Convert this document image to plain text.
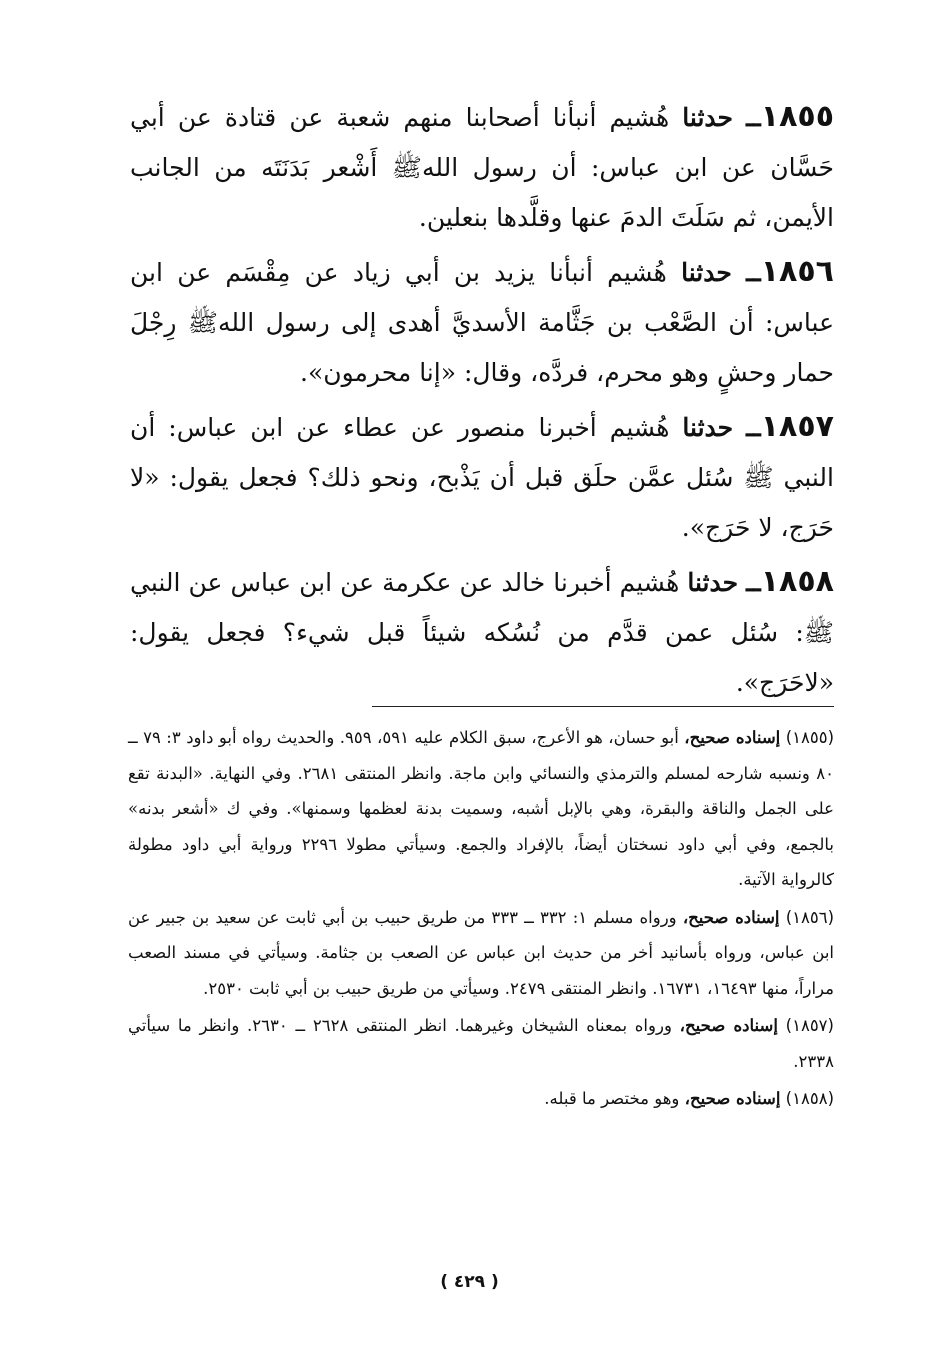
١٨٥٥ــ حدثنا هُشيم أنبأنا أصحابنا منهم شعبة عن قتادة عن أبي حَسَّان عن ابن عباس: أن رسول اللهﷺ أَشْعر بَدَنَتَه من الجانب الأيمن، ثم سَلَتَ الدمَ عنها وقلَّدها بنعلين.

١٨٥٦ــ حدثنا هُشيم أنبأنا يزيد بن أبي زياد عن مِقْسَم عن ابن عباس: أن الصَّعْب بن جَثَّامة الأسديَّ أهدى إلى رسول اللهﷺ رِجْلَ حمار وحشٍ وهو محرم، فردَّه، وقال: «إنا محرمون».

١٨٥٧ــ حدثنا هُشيم أخبرنا منصور عن عطاء عن ابن عباس: أن النبي ﷺ سُئل عمَّن حلَق قبل أن يَذْبح، ونحو ذلك؟ فجعل يقول: «لا حَرَج، لا حَرَج».

١٨٥٨ــ حدثنا هُشيم أخبرنا خالد عن عكرمة عن ابن عباس عن النبي ﷺ: سُئل عمن قدَّم من نُسُكه شيئاً قبل شيء؟ فجعل يقول: «لاحَرَج».

(١٨٥٥) إسناده صحيح، أبو حسان، هو الأعرج، سبق الكلام عليه ٥٩١، ٩٥٩. والحديث رواه أبو داود ٣: ٧٩ ــ ٨٠ ونسبه شارحه لمسلم والترمذي والنسائي وابن ماجة. وانظر المنتقى ٢٦٨١. وفي النهاية. «البدنة تقع على الجمل والناقة والبقرة، وهي بالإبل أشبه، وسميت بدنة لعظمها وسمنها». وفي ك «أشعر بدنه» بالجمع، وفي أبي داود نسختان أيضاً، بالإفراد والجمع. وسيأتي مطولا ٢٢٩٦ ورواية أبي داود مطولة كالرواية الآتية.

(١٨٥٦) إسناده صحيح، ورواه مسلم ١: ٣٣٢ ــ ٣٣٣ من طريق حبيب بن أبي ثابت عن سعيد بن جبير عن ابن عباس، ورواه بأسانيد أخر من حديث ابن عباس عن الصعب بن جثامة. وسيأتي في مسند الصعب مراراً، منها ١٦٤٩٣، ١٦٧٣١. وانظر المنتقى ٢٤٧٩. وسيأتي من طريق حبيب بن أبي ثابت ٢٥٣٠.

(١٨٥٧) إسناده صحيح، ورواه بمعناه الشيخان وغيرهما. انظر المنتقى ٢٦٢٨ ــ ٢٦٣٠. وانظر ما سيأتي ٢٣٣٨.

(١٨٥٨) إسناده صحيح، وهو مختصر ما قبله.

( ٤٢٩ )
